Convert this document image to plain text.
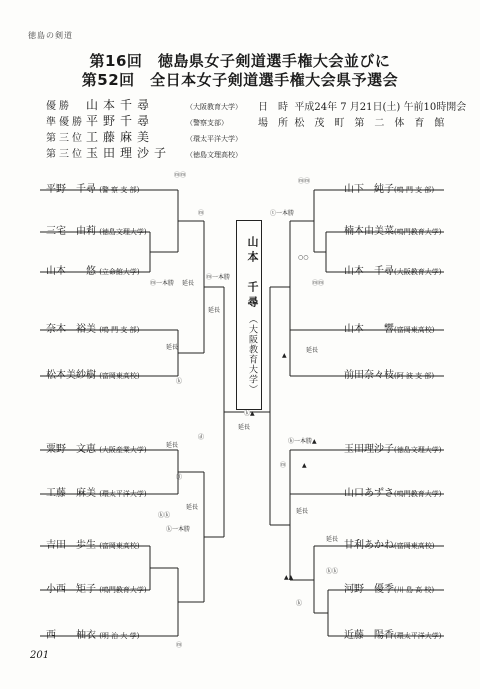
徳島の剣道
第16回　徳島県女子剣道選手権大会並びに
第52回　全日本女子剣道選手権大会県予選会
優勝 山本千尋	（大阪教育大学）
準優勝平野千尋	（警察支部）
第三位工藤麻美	（環太平洋大学）
第三位玉田理沙子 （徳島文理高校）
日　時 平成24年 7 月21日(土) 午前10時開会
場　所 松　茂　町　第　二　体　育　館
平野　千尋 (警 察 支 部)
三宅　由莉 (徳島文理大学)
山本　　悠 (立命館大学)
奈木　裕美 (鳴 門 支 部)
松本美紗樹 (富岡東高校)
粟野　文恵 (大阪産業大学)
工藤　麻美 (環太平洋大学)
吉田　歩生 (富岡東高校)
小西　矩子 (鳴門教育大学)
西　　柚衣 (明 治 大 学)
山下　純子(鳴 門 支 部)
楠本由美菜(鳴門教育大学)
山本　千尋(大阪教育大学)
山本　　響(富岡東高校)
前田奈々枝(阿 波 支 部)
玉田理沙子(徳島文理大学)
山口あずさ(鳴門教育大学)
甘利あかね(富岡東高校)
河野　優季(川 島 高 校)
近藤　陽香(環太平洋大学)
山本　千尋 （大阪教育大学）
ⓜⓜ
ⓜ
ⓜ一本勝 延長
ⓜ一本勝
延長
延長
ⓚ
ⓓ
延長
ⓓ
延長
ⓚⓚ
ⓚ一本勝
ⓜ
ⓚ▲
延長
ⓜⓜ
ⓣ一本勝
○○
ⓜⓜ
▲
延長
ⓗ一本勝▲
ⓜ	▲
延長
延長
ⓚⓚ
▲▲
ⓚ
201
